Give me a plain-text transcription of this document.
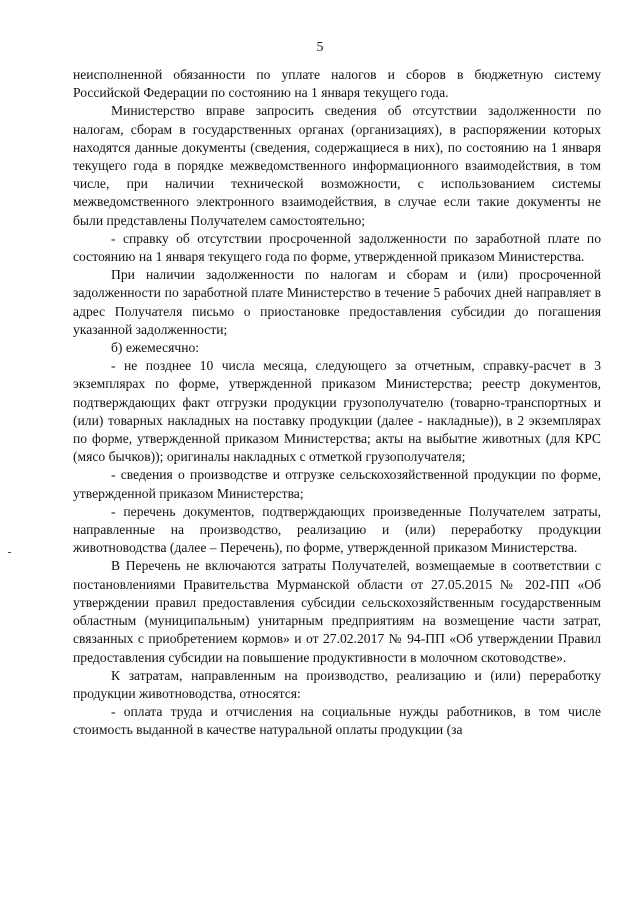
5

неисполненной обязанности по уплате налогов и сборов в бюджетную систему Российской Федерации по состоянию на 1 января текущего года.

Министерство вправе запросить сведения об отсутствии задолженности по налогам, сборам в государственных органах (организациях), в распоряжении которых находятся данные документы (сведения, содержащиеся в них), по состоянию на 1 января текущего года в порядке межведомственного информационного взаимодействия, в том числе, при наличии технической возможности, с использованием системы межведомственного электронного взаимодействия, в случае если такие документы не были представлены Получателем самостоятельно;

- справку об отсутствии просроченной задолженности по заработной плате по состоянию на 1 января текущего года по форме, утвержденной приказом Министерства.

При наличии задолженности по налогам и сборам и (или) просроченной задолженности по заработной плате Министерство в течение 5 рабочих дней направляет в адрес Получателя письмо о приостановке предоставления субсидии до погашения указанной задолженности;

б) ежемесячно:

- не позднее 10 числа месяца, следующего за отчетным, справку-расчет в 3 экземплярах по форме, утвержденной приказом Министерства; реестр документов, подтверждающих факт отгрузки продукции грузополучателю (товарно-транспортных и (или) товарных накладных на поставку продукции (далее - накладные)), в 2 экземплярах по форме, утвержденной приказом Министерства; акты на выбытие животных (для КРС (мясо бычков)); оригиналы накладных с отметкой грузополучателя;

- сведения о производстве и отгрузке сельскохозяйственной продукции по форме, утвержденной приказом Министерства;

- перечень документов, подтверждающих произведенные Получателем затраты, направленные на производство, реализацию и (или) переработку продукции животноводства (далее – Перечень), по форме, утвержденной приказом Министерства.

В Перечень не включаются затраты Получателей, возмещаемые в соответствии с постановлениями Правительства Мурманской области от 27.05.2015 № 202-ПП «Об утверждении правил предоставления субсидии сельскохозяйственным государственным областным (муниципальным) унитарным предприятиям на возмещение части затрат, связанных с приобретением кормов» и от 27.02.2017 № 94-ПП «Об утверждении Правил предоставления субсидии на повышение продуктивности в молочном скотоводстве».

К затратам, направленным на производство, реализацию и (или) переработку продукции животноводства, относятся:

- оплата труда и отчисления на социальные нужды работников, в том числе стоимость выданной в качестве натуральной оплаты продукции (за
